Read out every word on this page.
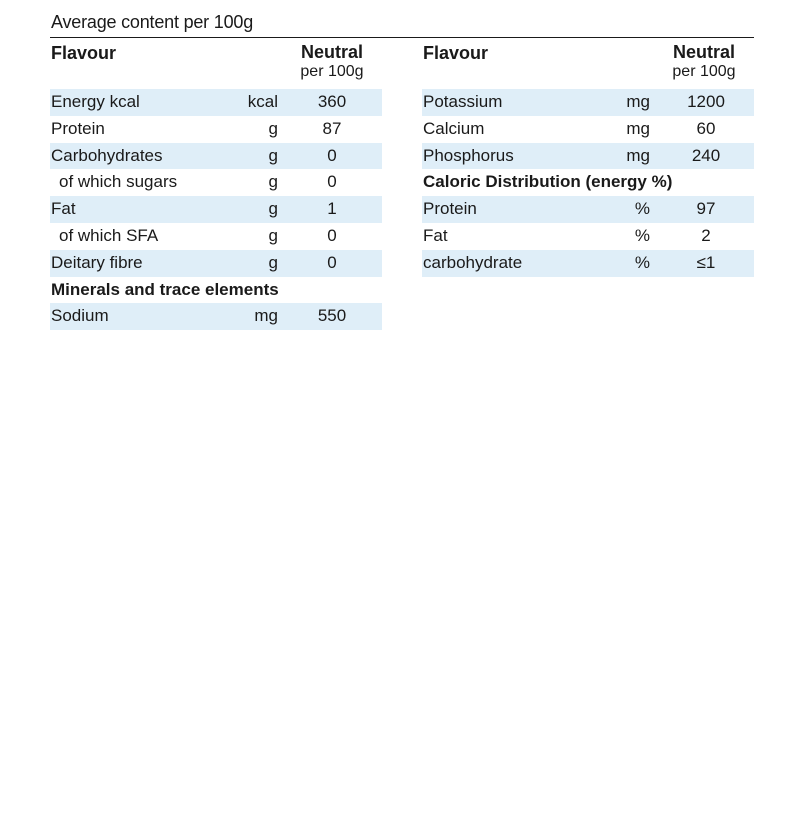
Average content per 100g
Flavour	Neutral
per 100g
Energy kcal	kcal	360
Protein	g	87
Carbohydrates	g	0
of which sugars	g	0
Fat	g	1
of which SFA	g	0
Deitary fibre	g	0
Minerals and trace elements
Sodium	mg	550
Flavour	Neutral
per 100g
Potassium	mg	1200
Calcium	mg	60
Phosphorus	mg	240
Caloric Distribution (energy %)
Protein	%	97
Fat	%	2
carbohydrate	%	≤1
